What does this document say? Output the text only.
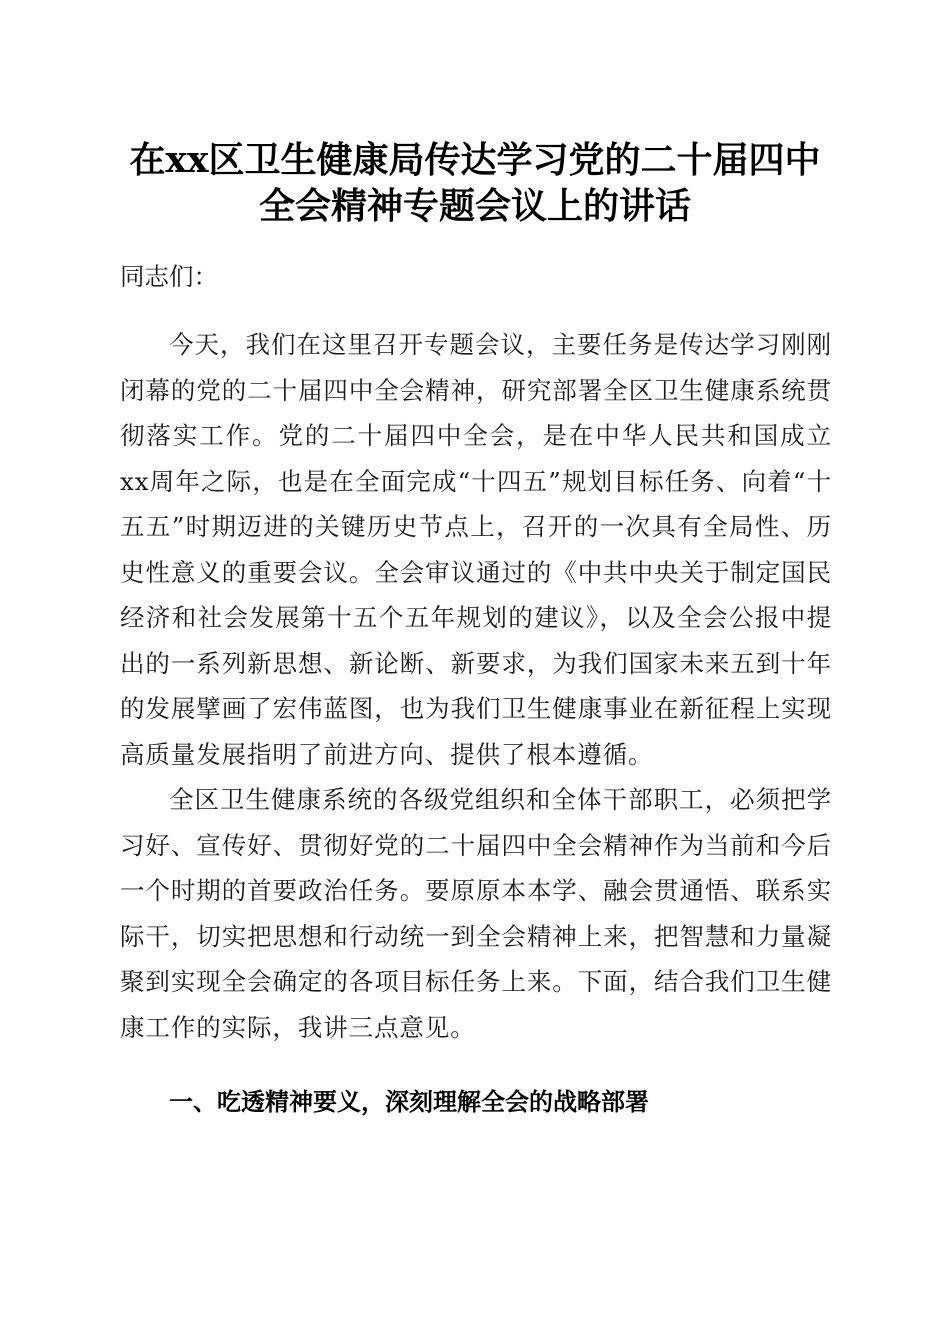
在xx区卫生健康局传达学习党的二十届四中
全会精神专题会议上的讲话

同志们：

今天，我们在这里召开专题会议，主要任务是传达学习刚刚闭幕的党的二十届四中全会精神，研究部署全区卫生健康系统贯彻落实工作。党的二十届四中全会，是在中华人民共和国成立xx周年之际，也是在全面完成“十四五”规划目标任务、向着“十五五”时期迈进的关键历史节点上，召开的一次具有全局性、历史性意义的重要会议。全会审议通过的《中共中央关于制定国民经济和社会发展第十五个五年规划的建议》，以及全会公报中提出的一系列新思想、新论断、新要求，为我们国家未来五到十年的发展擘画了宏伟蓝图，也为我们卫生健康事业在新征程上实现高质量发展指明了前进方向、提供了根本遵循。

全区卫生健康系统的各级党组织和全体干部职工，必须把学习好、宣传好、贯彻好党的二十届四中全会精神作为当前和今后一个时期的首要政治任务。要原原本本学、融会贯通悟、联系实际干，切实把思想和行动统一到全会精神上来，把智慧和力量凝聚到实现全会确定的各项目标任务上来。下面，结合我们卫生健康工作的实际，我讲三点意见。

一、吃透精神要义，深刻理解全会的战略部署
